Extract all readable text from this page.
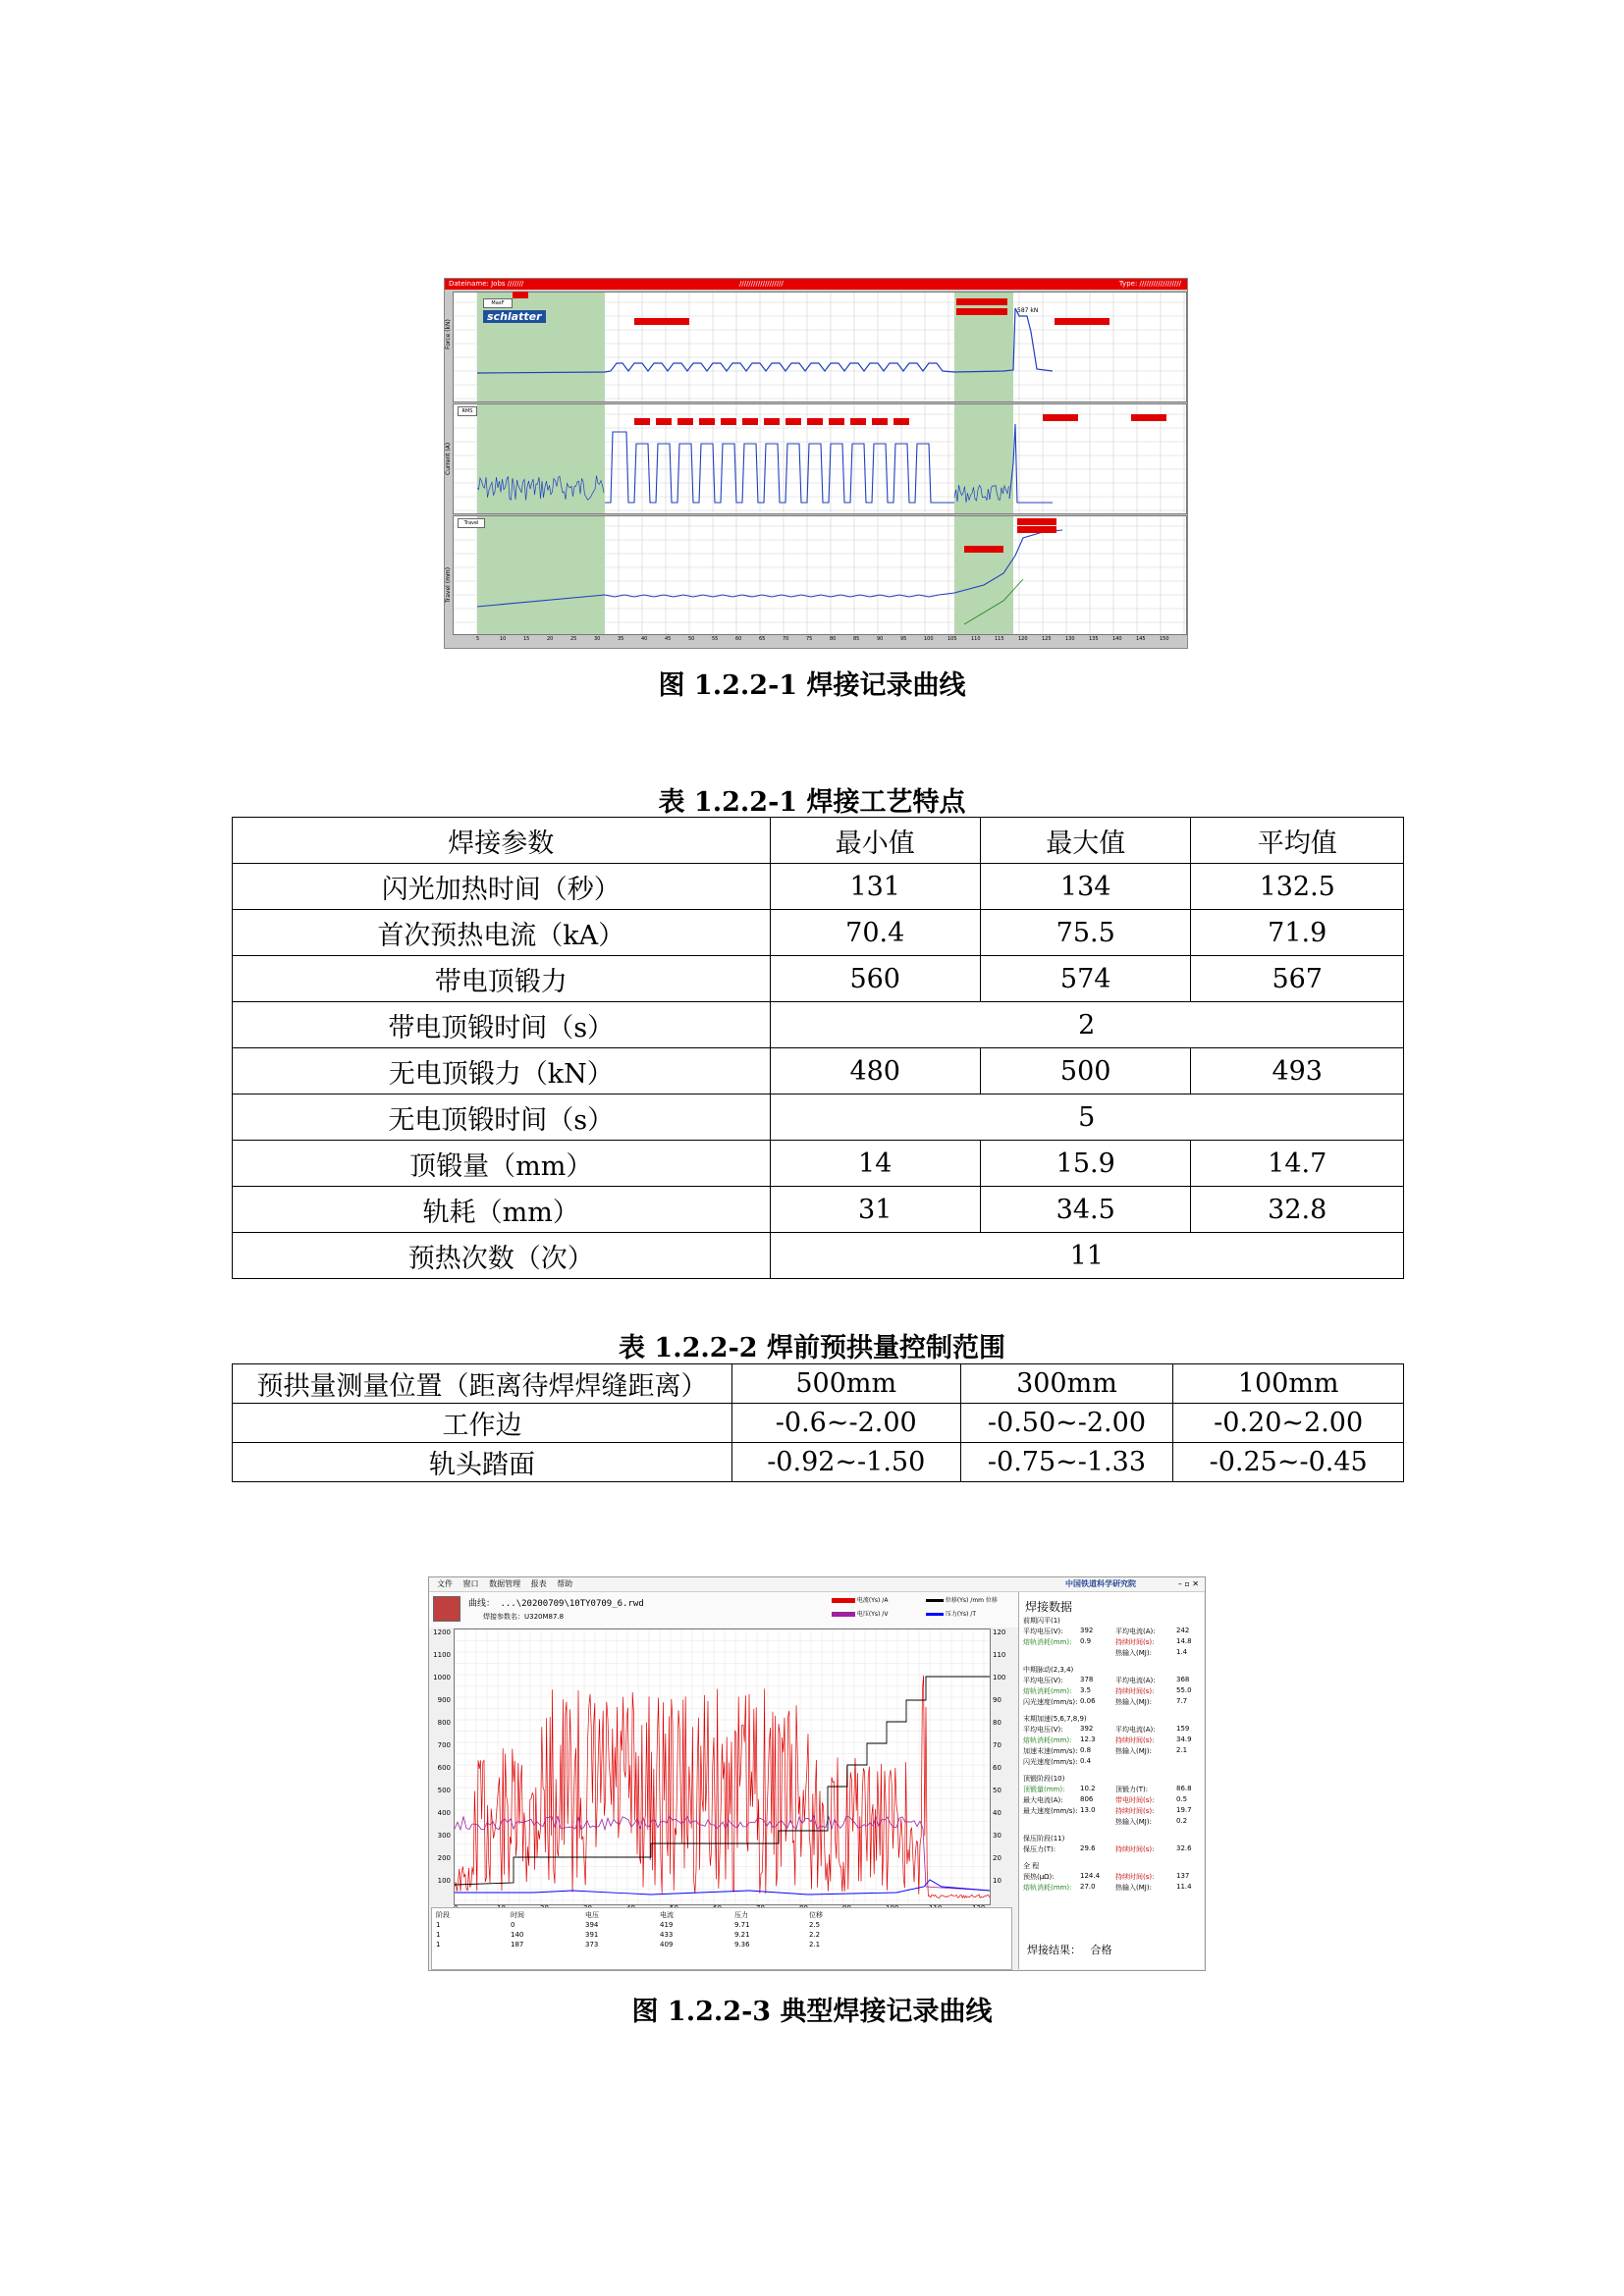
Dateiname: Jobs ///////	///////////////////	Type: //////////////////
587 kN
schlatter
MaxF
RMS
Travel
Force (kN)
Current (A)
Travel (mm)
5	10	15	20	25	30	35	40	45	50	55	60	65	70	75	80	85	90	95	100	105	110	115	120	125	130	135	140	145	150
图 1.2.2-1 焊接记录曲线
表 1.2.2-1 焊接工艺特点
焊接参数	最小值	最大值	平均值
闪光加热时间（秒）	131	134	132.5
首次预热电流（kA）	70.4	75.5	71.9
带电顶锻力	560	574	567
带电顶锻时间（s）	2		
无电顶锻力（kN）	480	500	493
无电顶锻时间（s）	5		
顶锻量（mm）	14	15.9	14.7
轨耗（mm）	31	34.5	32.8
预热次数（次）	11		
表 1.2.2-2 焊前预拱量控制范围
预拱量测量位置（距离待焊焊缝距离）	500mm	300mm	100mm
工作边	-0.6~-2.00	-0.50~-2.00	-0.20~2.00
轨头踏面	-0.92~-1.50	-0.75~-1.33	-0.25~-0.45
文件 窗口 数据管理 报表 帮助	中国铁道科学研究院	– ▫ ✕
曲线： ...\20200709\10TY0709_6.rwd
焊接参数名：U320M87.8
电流(Ys) /A
电压(Ys) /V
位移(Ys) /mm 位移
压力(Ys) /T
1200
1100
1000
900
800
700
600
500
400
300
200
100
120
110
100
90
80
70
60
50
40
30
20
10
阶段	时间	电压	电流	压力	位移
1	0	394	419	9.71	2.5
1	140	391	433	9.21	2.2
1	187	373	409	9.36	2.1
焊接数据
前期闪平(1)
平均电压(V): 392	平均电流(A):	242
熔轨消耗(mm): 0.9	持续时间(s):	14.8
热输入(MJ):	1.4
中期脉动(2,3,4)
平均电压(V): 378	平均电流(A):	368
熔轨消耗(mm): 3.5	持续时间(s):	55.0
闪光速度(mm/s): 0.06	热输入(MJ):	7.7
末期加速(5,6,7,8,9)
平均电压(V): 392	平均电流(A):	159
熔轨消耗(mm): 12.3	持续时间(s):	34.9
加速末速(mm/s): 0.8	热输入(MJ):	2.1
闪光速度(mm/s): 0.4
顶锻阶段(10)
顶锻量(mm): 10.2	顶锻力(T):	86.8
最大电流(A): 806	带电时间(s):	0.5
最大速度(mm/s): 13.0	持续时间(s):	19.7
热输入(MJ):	0.2
保压阶段(11)
保压力(T):	29.6	持续时间(s):	32.6
全 程
预热(μΩ):	124.4 持续时间(s):	137
熔轨消耗(mm): 27.0	热输入(MJ):	11.4
焊接结果： 合格
图 1.2.2-3 典型焊接记录曲线
